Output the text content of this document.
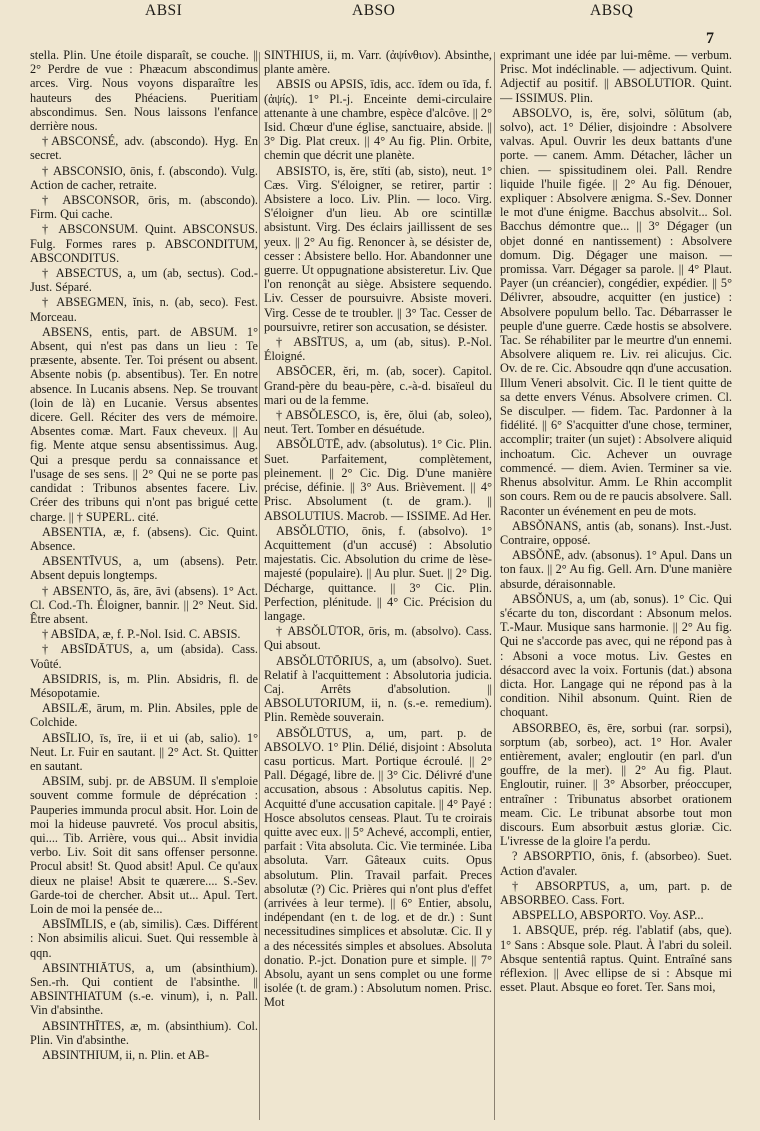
ABSI	ABSO	ABSQ
7

stella. Plin. Une étoile disparaît, se couche. || 2° Perdre de vue : Phæacum abscondimus arces. Virg. Nous voyons disparaître les hauteurs des Phéaciens. Pueritiam abscondimus. Sen. Nous laissons l'enfance derrière nous.

†ABSCONSÉ, adv. (abscondo). Hyg. En secret.

† ABSCONSIO, ōnis, f. (abscondo). Vulg. Action de cacher, retraite.

† ABSCONSOR, ōris, m. (abscondo). Firm. Qui cache.

† ABSCONSUM. Quint. ABSCONSUS. Fulg. Formes rares p. ABSCONDITUM, ABSCONDITUS.

† ABSECTUS, a, um (ab, sectus). Cod.-Just. Séparé.

† ABSEGMEN, ĭnis, n. (ab, seco). Fest. Morceau.

ABSENS, entis, part. de ABSUM. 1° Absent, qui n'est pas dans un lieu : Te præsente, absente. Ter. Toi présent ou absent. Absente nobis (p. absentibus). Ter. En notre absence. In Lucanis absens. Nep. Se trouvant (loin de là) en Lucanie. Versus absentes dicere. Gell. Réciter des vers de mémoire. Absentes comæ. Mart. Faux cheveux. || Au fig. Mente atque sensu absentissimus. Aug. Qui a presque perdu sa connaissance et l'usage de ses sens. || 2° Qui ne se porte pas candidat : Tribunos absentes facere. Liv. Créer des tribuns qui n'ont pas brigué cette charge. || † SUPERL. cité.

ABSENTIA, æ, f. (absens). Cic. Quint. Absence.

ABSENTĪVUS, a, um (absens). Petr. Absent depuis longtemps.

† ABSENTO, ās, āre, āvi (absens). 1° Act. Cl. Cod.-Th. Éloigner, bannir. || 2° Neut. Sid. Être absent.

† ABSĪDA, æ, f. P.-Nol. Isid. C. ABSIS.

† ABSĪDĀTUS, a, um (absida). Cass. Voûté.

ABSIDRIS, is, m. Plin. Absidris, fl. de Mésopotamie.

ABSILÆ, ārum, m. Plin. Absiles, pple de Colchide.

ABSĪLIO, īs, īre, ii et ui (ab, salio). 1° Neut. Lr. Fuir en sautant. || 2° Act. St. Quitter en sautant.

ABSIM, subj. pr. de ABSUM. Il s'emploie souvent comme formule de déprécation : Pauperies immunda procul absit. Hor. Loin de moi la hideuse pauvreté. Vos procul absitis, qui.... Tib. Arrière, vous qui... Absit invidia verbo. Liv. Soit dit sans offenser personne. Procul absit! St. Quod absit! Apul. Ce qu'aux dieux ne plaise! Absit te quærere.... S.-Sev. Garde-toi de chercher. Absit ut... Apul. Tert. Loin de moi la pensée de...

ABSĪMĪLIS, e (ab, similis). Cæs. Différent : Non absimilis alicui. Suet. Qui ressemble à qqn.

ABSINTHIĀTUS, a, um (absinthium). Sen.-rh. Qui contient de l'absinthe. || ABSINTHIATUM (s.-e. vinum), i, n. Pall. Vin d'absinthe.

ABSINTHĪTES, æ, m. (absinthium). Col. Plin. Vin d'absinthe.

ABSINTHIUM, ii, n. Plin. et AB-

SINTHIUS, ii, m. Varr. (ἀψίνθιον). Absinthe, plante amère.

ABSIS ou APSIS, īdis, acc. īdem ou īda, f. (ἀψίς). 1° Pl.-j. Enceinte demi-circulaire attenante à une chambre, espèce d'alcôve. || 2° Isid. Chœur d'une église, sanctuaire, abside. || 3° Dig. Plat creux. || 4° Au fig. Plin. Orbite, chemin que décrit une planète.

ABSISTO, is, ĕre, stĭti (ab, sisto), neut. 1° Cæs. Virg. S'éloigner, se retirer, partir : Absistere a loco. Liv. Plin. — loco. Virg. S'éloigner d'un lieu. Ab ore scintillæ absistunt. Virg. Des éclairs jaillissent de ses yeux. || 2° Au fig. Renoncer à, se désister de, cesser : Absistere bello. Hor. Abandonner une guerre. Ut oppugnatione absisteretur. Liv. Que l'on renonçât au siège. Absistere sequendo. Liv. Cesser de poursuivre. Absiste moveri. Virg. Cesse de te troubler. || 3° Tac. Cesser de poursuivre, retirer son accusation, se désister.

† ABSĪTUS, a, um (ab, situs). P.-Nol. Éloigné.

ABSŌCER, ĕri, m. (ab, socer). Capitol. Grand-père du beau-père, c.-à-d. bisaïeul du mari ou de la femme.

†ABSŎLESCO, is, ĕre, ŏlui (ab, soleo), neut. Tert. Tomber en désuétude.

ABSŎLŪTĒ, adv. (absolutus). 1° Cic. Plin. Suet. Parfaitement, complètement, pleinement. || 2° Cic. Dig. D'une manière précise, définie. || 3° Aus. Brièvement. || 4° Prisc. Absolument (t. de gram.). || ABSOLUTIUS. Macrob. — ISSIME. Ad Her.

ABSŎLŪTIO, ōnis, f. (absolvo). 1° Acquittement (d'un accusé) : Absolutio majestatis. Cic. Absolution du crime de lèse-majesté (populaire). || Au plur. Suet. || 2° Dig. Décharge, quittance. || 3° Cic. Plin. Perfection, plénitude. || 4° Cic. Précision du langage.

† ABSŎLŪTOR, ōris, m. (absolvo). Cass. Qui absout.

ABSŎLŪTŌRIUS, a, um (absolvo). Suet. Relatif à l'acquittement : Absolutoria judicia. Caj. Arrêts d'absolution. || ABSOLUTORIUM, ii, n. (s.-e. remedium). Plin. Remède souverain.

ABSŎLŪTUS, a, um, part. p. de ABSOLVO. 1° Plin. Délié, disjoint : Absoluta casu porticus. Mart. Portique écroulé. || 2° Pall. Dégagé, libre de. || 3° Cic. Délivré d'une accusation, absous : Absolutus capitis. Nep. Acquitté d'une accusation capitale. || 4° Payé : Hosce absolutos censeas. Plaut. Tu te croirais quitte avec eux. || 5° Achevé, accompli, entier, parfait : Vita absoluta. Cic. Vie terminée. Liba absoluta. Varr. Gâteaux cuits. Opus absolutum. Plin. Travail parfait. Preces absolutæ (?) Cic. Prières qui n'ont plus d'effet (arrivées à leur terme). || 6° Entier, absolu, indépendant (en t. de log. et de dr.) : Sunt necessitudines simplices et absolutæ. Cic. Il y a des nécessités simples et absolues. Absoluta donatio. P.-jct. Donation pure et simple. || 7° Absolu, ayant un sens complet ou une forme isolée (t. de gram.) : Absolutum nomen. Prisc. Mot

exprimant une idée par lui-même. — verbum. Prisc. Mot indéclinable. — adjectivum. Quint. Adjectif au positif. || ABSOLUTIOR. Quint. — ISSIMUS. Plin.

ABSOLVO, is, ĕre, solvi, sŏlūtum (ab, solvo), act. 1° Délier, disjoindre : Absolvere valvas. Apul. Ouvrir les deux battants d'une porte. — canem. Amm. Détacher, lâcher un chien. — spissitudinem olei. Pall. Rendre liquide l'huile figée. || 2° Au fig. Dénouer, expliquer : Absolvere ænigma. S.-Sev. Donner le mot d'une énigme. Bacchus absolvit... Sol. Bacchus démontre que... || 3° Dégager (un objet donné en nantissement) : Absolvere domum. Dig. Dégager une maison. — promissa. Varr. Dégager sa parole. || 4° Plaut. Payer (un créancier), congédier, expédier. || 5° Délivrer, absoudre, acquitter (en justice) : Absolvere populum bello. Tac. Débarrasser le peuple d'une guerre. Cæde hostis se absolvere. Tac. Se réhabiliter par le meurtre d'un ennemi. Absolvere aliquem re. Liv. rei alicujus. Cic. Ov. de re. Cic. Absoudre qqn d'une accusation. Illum Veneri absolvit. Cic. Il le tient quitte de sa dette envers Vénus. Absolvere crimen. Cl. Se disculper. — fidem. Tac. Pardonner à la fidélité. || 6° S'acquitter d'une chose, terminer, accomplir; traiter (un sujet) : Absolvere aliquid inchoatum. Cic. Achever un ouvrage commencé. — diem. Avien. Terminer sa vie. Rhenus absolvitur. Amm. Le Rhin accomplit son cours. Rem ou de re paucis absolvere. Sall. Raconter un événement en peu de mots.

ABSŎNANS, antis (ab, sonans). Inst.-Just. Contraire, opposé.

ABSŎNĒ, adv. (absonus). 1° Apul. Dans un ton faux. || 2° Au fig. Gell. Arn. D'une manière absurde, déraisonnable.

ABSŎNUS, a, um (ab, sonus). 1° Cic. Qui s'écarte du ton, discordant : Absonum melos. T.-Maur. Musique sans harmonie. || 2° Au fig. Qui ne s'accorde pas avec, qui ne répond pas à : Absoni a voce motus. Liv. Gestes en désaccord avec la voix. Fortunis (dat.) absona dicta. Hor. Langage qui ne répond pas à la condition. Nihil absonum. Quint. Rien de choquant.

ABSORBEO, ēs, ēre, sorbui (rar. sorpsi), sorptum (ab, sorbeo), act. 1° Hor. Avaler entièrement, avaler; engloutir (en parl. d'un gouffre, de la mer). || 2° Au fig. Plaut. Engloutir, ruiner. || 3° Absorber, préoccuper, entraîner : Tribunatus absorbet orationem meam. Cic. Le tribunat absorbe tout mon discours. Eum absorbuit æstus gloriæ. Cic. L'ivresse de la gloire l'a perdu.

? ABSORPTIO, ōnis, f. (absorbeo). Suet. Action d'avaler.

† ABSORPTUS, a, um, part. p. de ABSORBEO. Cass. Fort.

ABSPELLO, ABSPORTO. Voy. ASP...

1. ABSQUE, prép. rég. l'ablatif (abs, que). 1° Sans : Absque sole. Plaut. À l'abri du soleil. Absque sententiâ raptus. Quint. Entraîné sans réflexion. || Avec ellipse de si : Absque mi esset. Plaut. Absque eo foret. Ter. Sans moi,
